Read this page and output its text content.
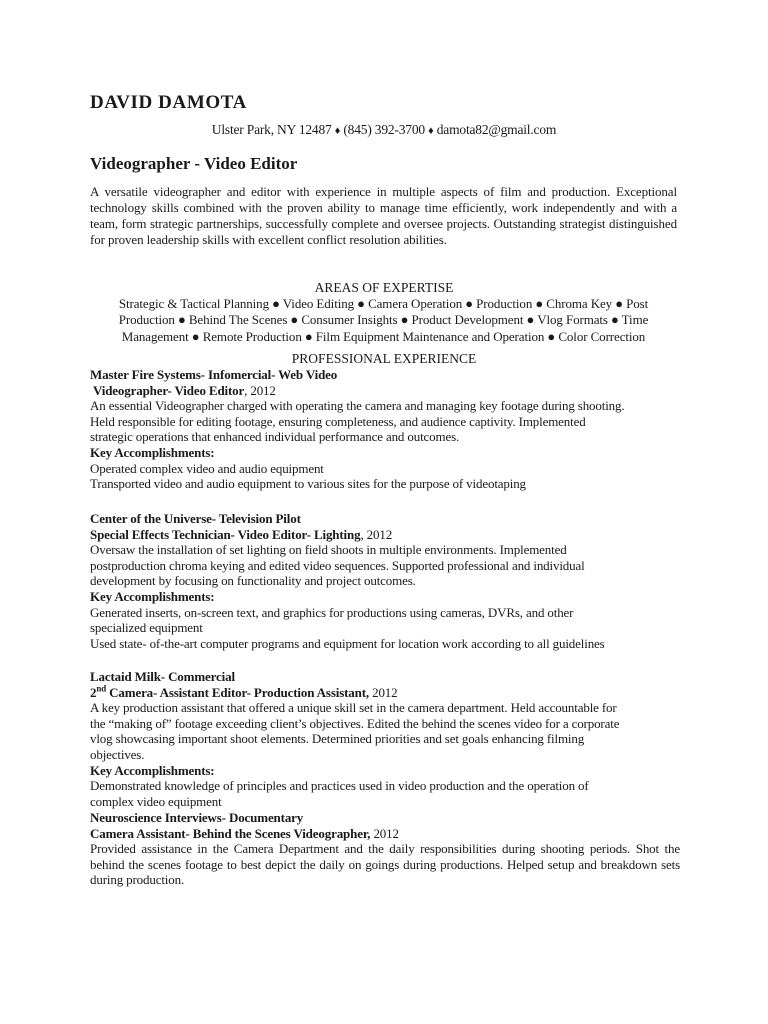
DAVID DAMOTA
Ulster Park, NY 12487 ♦ (845) 392-3700 ♦ damota82@gmail.com
Videographer - Video Editor
A versatile videographer and editor with experience in multiple aspects of film and production. Exceptional technology skills combined with the proven ability to manage time efficiently, work independently and with a team, form strategic partnerships, successfully complete and oversee projects. Outstanding strategist distinguished for proven leadership skills with excellent conflict resolution abilities.
AREAS OF EXPERTISE
Strategic & Tactical Planning ● Video Editing ● Camera Operation ● Production ● Chroma Key ● Post
Production ● Behind The Scenes ● Consumer Insights ● Product Development ● Vlog Formats ● Time
Management ● Remote Production ● Film Equipment Maintenance and Operation ● Color Correction
PROFESSIONAL EXPERIENCE
Master Fire Systems- Infomercial- Web Video
Videographer- Video Editor, 2012
An essential Videographer charged with operating the camera and managing key footage during shooting.
Held responsible for editing footage, ensuring completeness, and audience captivity. Implemented
strategic operations that enhanced individual performance and outcomes.
Key Accomplishments:
Operated complex video and audio equipment
Transported video and audio equipment to various sites for the purpose of videotaping
Center of the Universe- Television Pilot
Special Effects Technician- Video Editor- Lighting, 2012
Oversaw the installation of set lighting on field shoots in multiple environments. Implemented
postproduction chroma keying and edited video sequences. Supported professional and individual
development by focusing on functionality and project outcomes.
Key Accomplishments:
Generated inserts, on-screen text, and graphics for productions using cameras, DVRs, and other
specialized equipment
Used state- of-the-art computer programs and equipment for location work according to all guidelines
Lactaid Milk- Commercial
2nd Camera- Assistant Editor- Production Assistant, 2012
A key production assistant that offered a unique skill set in the camera department. Held accountable for
the “making of” footage exceeding client’s objectives. Edited the behind the scenes video for a corporate
vlog showcasing important shoot elements. Determined priorities and set goals enhancing filming
objectives.
Key Accomplishments:
Demonstrated knowledge of principles and practices used in video production and the operation of
complex video equipment
Neuroscience Interviews- Documentary
Camera Assistant- Behind the Scenes Videographer, 2012
Provided assistance in the Camera Department and the daily responsibilities during shooting periods. Shot the behind the scenes footage to best depict the daily on goings during productions. Helped setup and breakdown sets during production.
